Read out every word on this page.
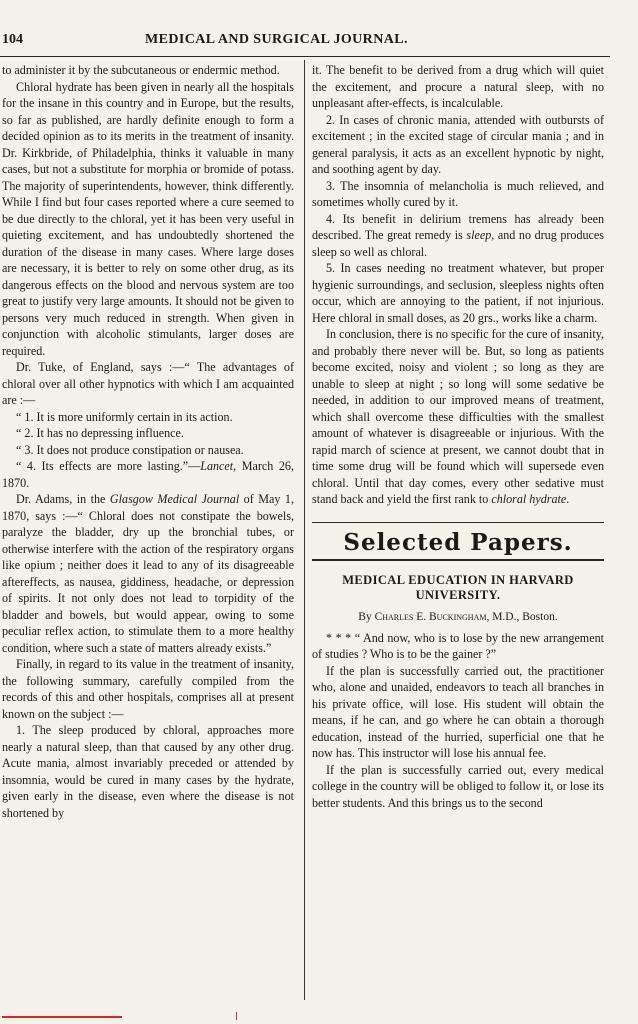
104	MEDICAL AND SURGICAL JOURNAL.

to administer it by the subcutaneous or endermic method.

Chloral hydrate has been given in nearly all the hospitals for the insane in this country and in Europe, but the results, so far as published, are hardly definite enough to form a decided opinion as to its merits in the treatment of insanity. Dr. Kirkbride, of Philadelphia, thinks it valuable in many cases, but not a substitute for morphia or bromide of potass. The majority of superintendents, however, think differently. While I find but four cases reported where a cure seemed to be due directly to the chloral, yet it has been very useful in quieting excitement, and has undoubtedly shortened the duration of the disease in many cases. Where large doses are necessary, it is better to rely on some other drug, as its dangerous effects on the blood and nervous system are too great to justify very large amounts. It should not be given to persons very much reduced in strength. When given in conjunction with alcoholic stimulants, larger doses are required.

Dr. Tuke, of England, says :—“ The advantages of chloral over all other hypnotics with which I am acquainted are :—

“ 1. It is more uniformly certain in its action.

“ 2. It has no depressing influence.

“ 3. It does not produce constipation or nausea.

“ 4. Its effects are more lasting.”—Lancet, March 26, 1870.

Dr. Adams, in the Glasgow Medical Journal of May 1, 1870, says :—“ Chloral does not constipate the bowels, paralyze the bladder, dry up the bronchial tubes, or otherwise interfere with the action of the respiratory organs like opium ; neither does it lead to any of its disagreeable aftereffects, as nausea, giddiness, headache, or depression of spirits. It not only does not lead to torpidity of the bladder and bowels, but would appear, owing to some peculiar reflex action, to stimulate them to a more healthy condition, where such a state of matters already exists.”

Finally, in regard to its value in the treatment of insanity, the following summary, carefully compiled from the records of this and other hospitals, comprises all at present known on the subject :—

1. The sleep produced by chloral, approaches more nearly a natural sleep, than that caused by any other drug. Acute mania, almost invariably preceded or attended by insomnia, would be cured in many cases by the hydrate, given early in the disease, even where the disease is not shortened by

it. The benefit to be derived from a drug which will quiet the excitement, and procure a natural sleep, with no unpleasant after-effects, is incalculable.

2. In cases of chronic mania, attended with outbursts of excitement ; in the excited stage of circular mania ; and in general paralysis, it acts as an excellent hypnotic by night, and soothing agent by day.

3. The insomnia of melancholia is much relieved, and sometimes wholly cured by it.

4. Its benefit in delirium tremens has already been described. The great remedy is sleep, and no drug produces sleep so well as chloral.

5. In cases needing no treatment whatever, but proper hygienic surroundings, and seclusion, sleepless nights often occur, which are annoying to the patient, if not injurious. Here chloral in small doses, as 20 grs., works like a charm.

In conclusion, there is no specific for the cure of insanity, and probably there never will be. But, so long as patients become excited, noisy and violent ; so long as they are unable to sleep at night ; so long will some sedative be needed, in addition to our improved means of treatment, which shall overcome these difficulties with the smallest amount of whatever is disagreeable or injurious. With the rapid march of science at present, we cannot doubt that in time some drug will be found which will supersede even chloral. Until that day comes, every other sedative must stand back and yield the first rank to chloral hydrate.

Selected Papers.
MEDICAL EDUCATION IN HARVARD UNIVERSITY.
By Charles E. Buckingham, M.D., Boston.

* * * “ And now, who is to lose by the new arrangement of studies ? Who is to be the gainer ?”

If the plan is successfully carried out, the practitioner who, alone and unaided, endeavors to teach all branches in his private office, will lose. His student will obtain the means, if he can, and go where he can obtain a thorough education, instead of the hurried, superficial one that he now has. This instructor will lose his annual fee.

If the plan is successfully carried out, every medical college in the country will be obliged to follow it, or lose its better students. And this brings us to the second
